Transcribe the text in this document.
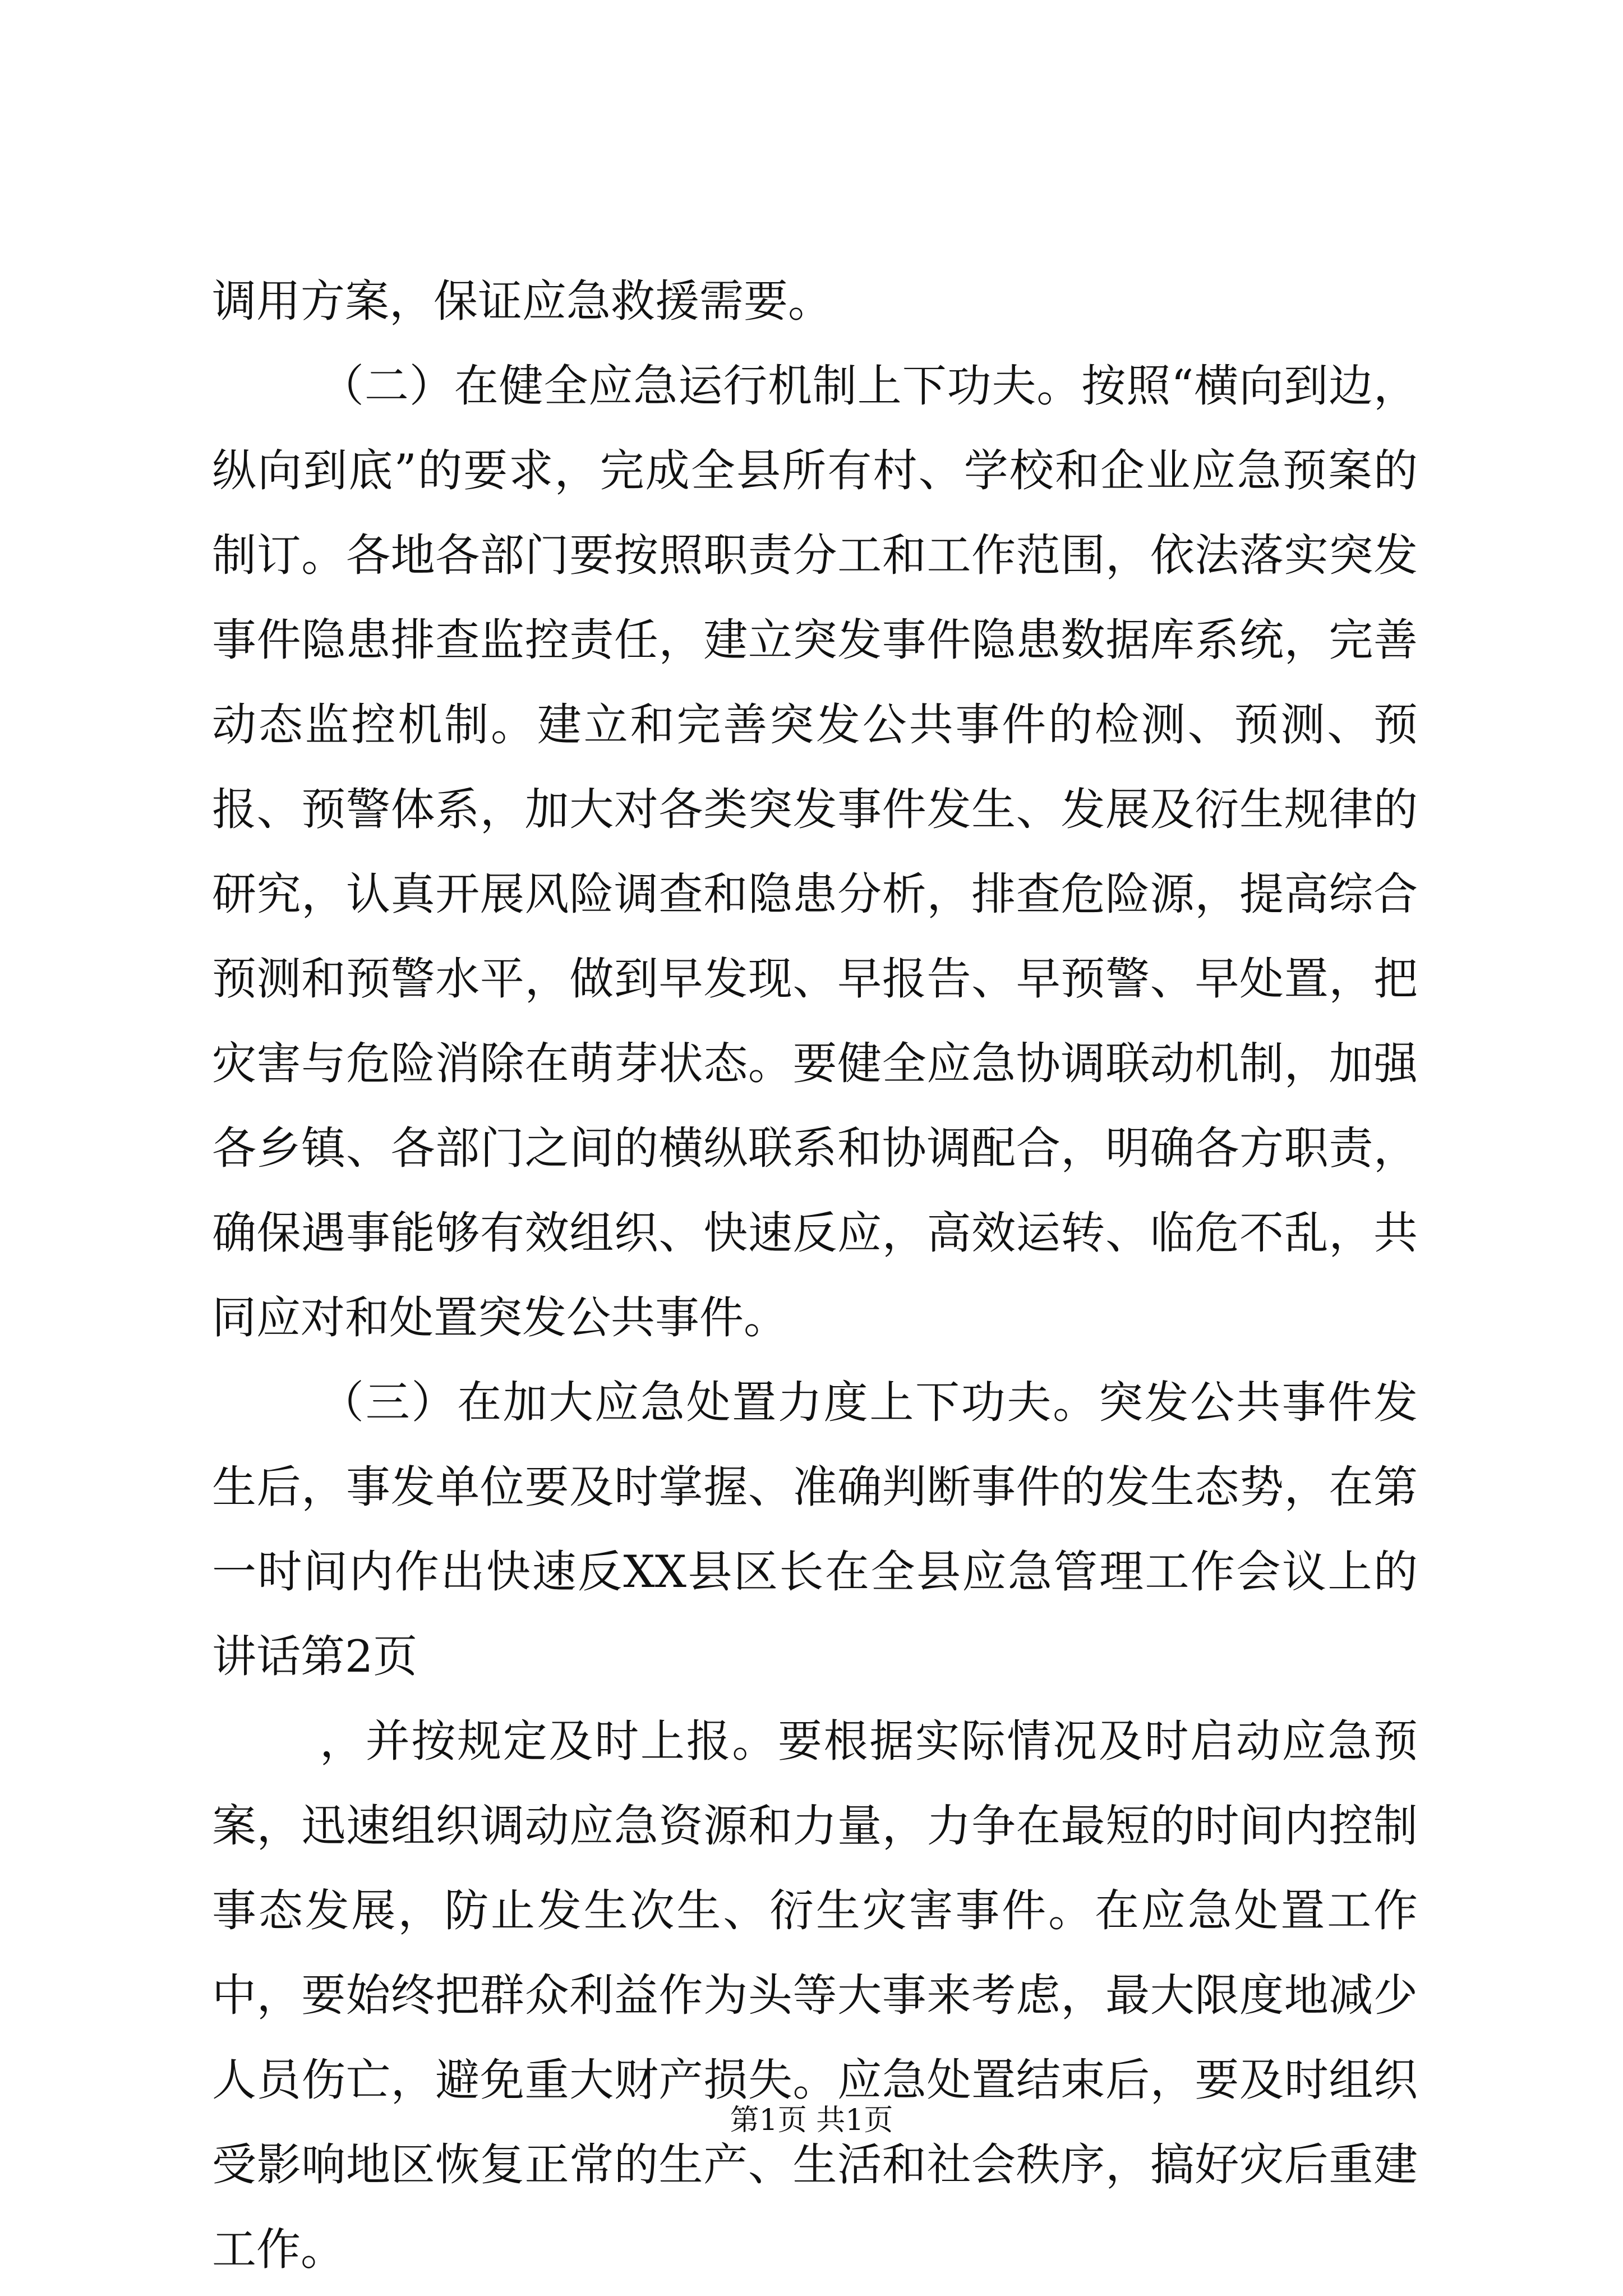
调用方案，保证应急救援需要。

（二）在健全应急运行机制上下功夫。按照“横向到边，纵向到底”的要求，完成全县所有村、学校和企业应急预案的制订。各地各部门要按照职责分工和工作范围，依法落实突发事件隐患排查监控责任，建立突发事件隐患数据库系统，完善动态监控机制。建立和完善突发公共事件的检测、预测、预报、预警体系，加大对各类突发事件发生、发展及衍生规律的研究，认真开展风险调查和隐患分析，排查危险源，提高综合预测和预警水平，做到早发现、早报告、早预警、早处置，把灾害与危险消除在萌芽状态。要健全应急协调联动机制，加强各乡镇、各部门之间的横纵联系和协调配合，明确各方职责，确保遇事能够有效组织、快速反应，高效运转、临危不乱，共同应对和处置突发公共事件。

（三）在加大应急处置力度上下功夫。突发公共事件发生后，事发单位要及时掌握、准确判断事件的发生态势，在第一时间内作出快速反XX县区长在全县应急管理工作会议上的讲话第2页

，并按规定及时上报。要根据实际情况及时启动应急预案，迅速组织调动应急资源和力量，力争在最短的时间内控制事态发展，防止发生次生、衍生灾害事件。在应急处置工作中，要始终把群众利益作为头等大事来考虑，最大限度地减少人员伤亡，避免重大财产损失。应急处置结束后，要及时组织受影响地区恢复正常的生产、生活和社会秩序，搞好灾后重建工作。

第1页 共1页
